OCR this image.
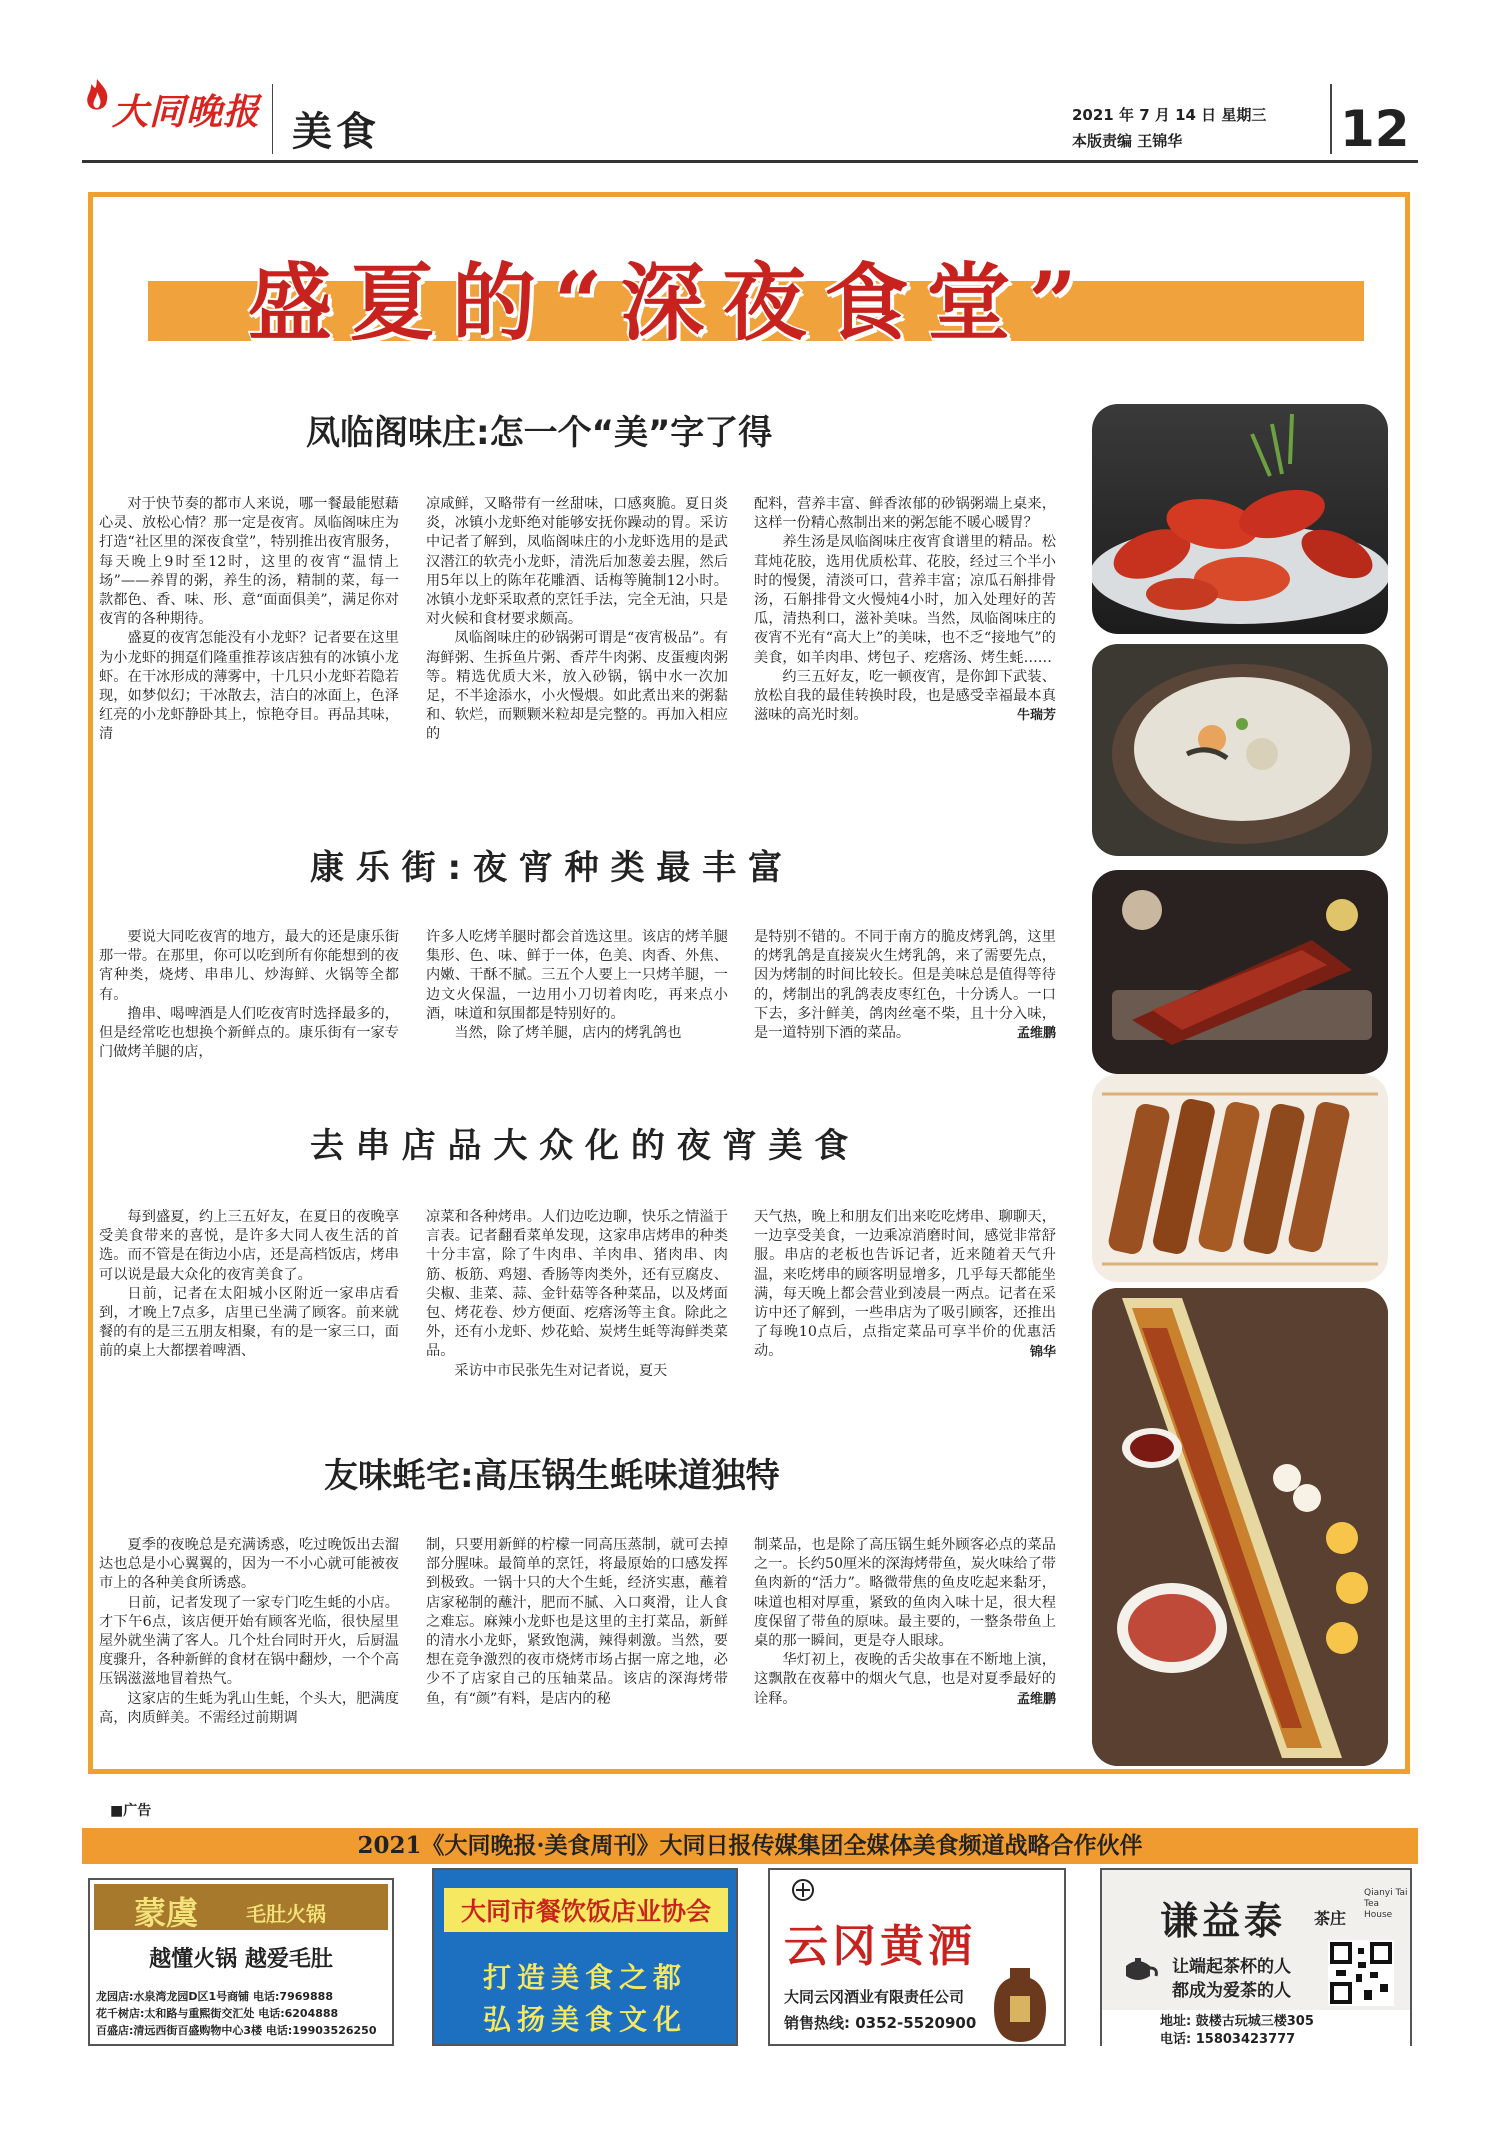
大同晚报 美食	2021 年 7 月 14 日 星期三
本版责编 王锦华	12
盛夏的“深夜食堂”
凤临阁味庄:怎一个“美”字了得

对于快节奏的都市人来说，哪一餐最能慰藉心灵、放松心情？那一定是夜宵。凤临阁味庄为打造“社区里的深夜食堂”，特别推出夜宵服务，每天晚上9时至12时，这里的夜宵“温情上场”——养胃的粥，养生的汤，精制的菜，每一款都色、香、味、形、意“面面俱美”，满足你对夜宵的各种期待。

盛夏的夜宵怎能没有小龙虾？记者要在这里为小龙虾的拥趸们隆重推荐该店独有的冰镇小龙虾。在干冰形成的薄雾中，十几只小龙虾若隐若现，如梦似幻；干冰散去，洁白的冰面上，色泽红亮的小龙虾静卧其上，惊艳夺目。再品其味，清

凉咸鲜，又略带有一丝甜味，口感爽脆。夏日炎炎，冰镇小龙虾绝对能够安抚你躁动的胃。采访中记者了解到，凤临阁味庄的小龙虾选用的是武汉潜江的软壳小龙虾，清洗后加葱姜去腥，然后用5年以上的陈年花雕酒、话梅等腌制12小时。冰镇小龙虾采取煮的烹饪手法，完全无油，只是对火候和食材要求颇高。

凤临阁味庄的砂锅粥可谓是“夜宵极品”。有海鲜粥、生拆鱼片粥、香芹牛肉粥、皮蛋瘦肉粥等。精选优质大米，放入砂锅，锅中水一次加足，不半途添水，小火慢煨。如此煮出来的粥黏和、软烂，而颗颗米粒却是完整的。再加入相应的

配料，营养丰富、鲜香浓郁的砂锅粥端上桌来，这样一份精心熬制出来的粥怎能不暖心暖胃？

养生汤是凤临阁味庄夜宵食谱里的精品。松茸炖花胶，选用优质松茸、花胶，经过三个半小时的慢煲，清淡可口，营养丰富；凉瓜石斛排骨汤，石斛排骨文火慢炖4小时，加入处理好的苦瓜，清热利口，滋补美味。当然，凤临阁味庄的夜宵不光有“高大上”的美味，也不乏“接地气”的美食，如羊肉串、烤包子、疙瘩汤、烤生蚝……

约三五好友，吃一顿夜宵，是你卸下武装、放松自我的最佳转换时段，也是感受幸福最本真滋味的高光时刻。	牛瑞芳
康 乐 街 : 夜 宵 种 类 最 丰 富

要说大同吃夜宵的地方，最大的还是康乐街那一带。在那里，你可以吃到所有你能想到的夜宵种类，烧烤、串串儿、炒海鲜、火锅等全都有。

撸串、喝啤酒是人们吃夜宵时选择最多的，但是经常吃也想换个新鲜点的。康乐街有一家专门做烤羊腿的店，

许多人吃烤羊腿时都会首选这里。该店的烤羊腿集形、色、味、鲜于一体，色美、肉香、外焦、内嫩、干酥不腻。三五个人要上一只烤羊腿，一边文火保温，一边用小刀切着肉吃，再来点小酒，味道和氛围都是特别好的。

当然，除了烤羊腿，店内的烤乳鸽也

是特别不错的。不同于南方的脆皮烤乳鸽，这里的烤乳鸽是直接炭火生烤乳鸽，来了需要先点，因为烤制的时间比较长。但是美味总是值得等待的，烤制出的乳鸽表皮枣红色，十分诱人。一口下去，多汁鲜美，鸽肉丝毫不柴，且十分入味，是一道特别下酒的菜品。	孟维鹏
去 串 店 品 大 众 化 的 夜 宵 美 食

每到盛夏，约上三五好友，在夏日的夜晚享受美食带来的喜悦，是许多大同人夜生活的首选。而不管是在街边小店，还是高档饭店，烤串可以说是最大众化的夜宵美食了。

日前，记者在太阳城小区附近一家串店看到，才晚上7点多，店里已坐满了顾客。前来就餐的有的是三五朋友相聚，有的是一家三口，面前的桌上大都摆着啤酒、

凉菜和各种烤串。人们边吃边聊，快乐之情溢于言表。记者翻看菜单发现，这家串店烤串的种类十分丰富，除了牛肉串、羊肉串、猪肉串、肉筋、板筋、鸡翅、香肠等肉类外，还有豆腐皮、尖椒、韭菜、蒜、金针菇等各种菜品，以及烤面包、烤花卷、炒方便面、疙瘩汤等主食。除此之外，还有小龙虾、炒花蛤、炭烤生蚝等海鲜类菜品。

采访中市民张先生对记者说，夏天

天气热，晚上和朋友们出来吃吃烤串、聊聊天，一边享受美食，一边乘凉消磨时间，感觉非常舒服。串店的老板也告诉记者，近来随着天气升温，来吃烤串的顾客明显增多，几乎每天都能坐满，每天晚上都会营业到凌晨一两点。记者在采访中还了解到，一些串店为了吸引顾客，还推出了每晚10点后，点指定菜品可享半价的优惠活动。	锦华
友味蚝宅:高压锅生蚝味道独特

夏季的夜晚总是充满诱惑，吃过晚饭出去溜达也总是小心翼翼的，因为一不小心就可能被夜市上的各种美食所诱惑。

日前，记者发现了一家专门吃生蚝的小店。才下午6点，该店便开始有顾客光临，很快屋里屋外就坐满了客人。几个灶台同时开火，后厨温度骤升，各种新鲜的食材在锅中翻炒，一个个高压锅滋滋地冒着热气。

这家店的生蚝为乳山生蚝，个头大，肥满度高，肉质鲜美。不需经过前期调

制，只要用新鲜的柠檬一同高压蒸制，就可去掉部分腥味。最简单的烹饪，将最原始的口感发挥到极致。一锅十只的大个生蚝，经济实惠，蘸着店家秘制的蘸汁，肥而不腻、入口爽滑，让人食之难忘。麻辣小龙虾也是这里的主打菜品，新鲜的清水小龙虾，紧致饱满，辣得刺激。当然，要想在竞争激烈的夜市烧烤市场占据一席之地，必少不了店家自己的压轴菜品。该店的深海烤带鱼，有“颜”有料，是店内的秘

制菜品，也是除了高压锅生蚝外顾客必点的菜品之一。长约50厘米的深海烤带鱼，炭火味给了带鱼肉新的“活力”。略微带焦的鱼皮吃起来黏牙，味道也相对厚重，紧致的鱼肉入味十足，很大程度保留了带鱼的原味。最主要的，一整条带鱼上桌的那一瞬间，更是夺人眼球。

华灯初上，夜晚的舌尖故事在不断地上演，这飘散在夜幕中的烟火气息，也是对夏季最好的诠释。	孟维鹏
■广告
2021《大同晚报·美食周刊》大同日报传媒集团全媒体美食频道战略合作伙伴
蒙虞 毛肚火锅
越懂火锅 越爱毛肚
龙园店:水泉湾龙园D区1号商铺 电话:7969888
花千树店:太和路与重熙街交汇处 电话:6204888
百盛店:清远西街百盛购物中心3楼 电话:19903526250
大同市餐饮饭店业协会
打造美食之都
弘扬美食文化
云冈黄酒
大同云冈酒业有限责任公司
销售热线: 0352-5520900
谦益泰 茶庄
Qianyi Tai
Tea House
让端起茶杯的人
都成为爱茶的人
地址: 鼓楼古玩城三楼305
电话: 15803423777
